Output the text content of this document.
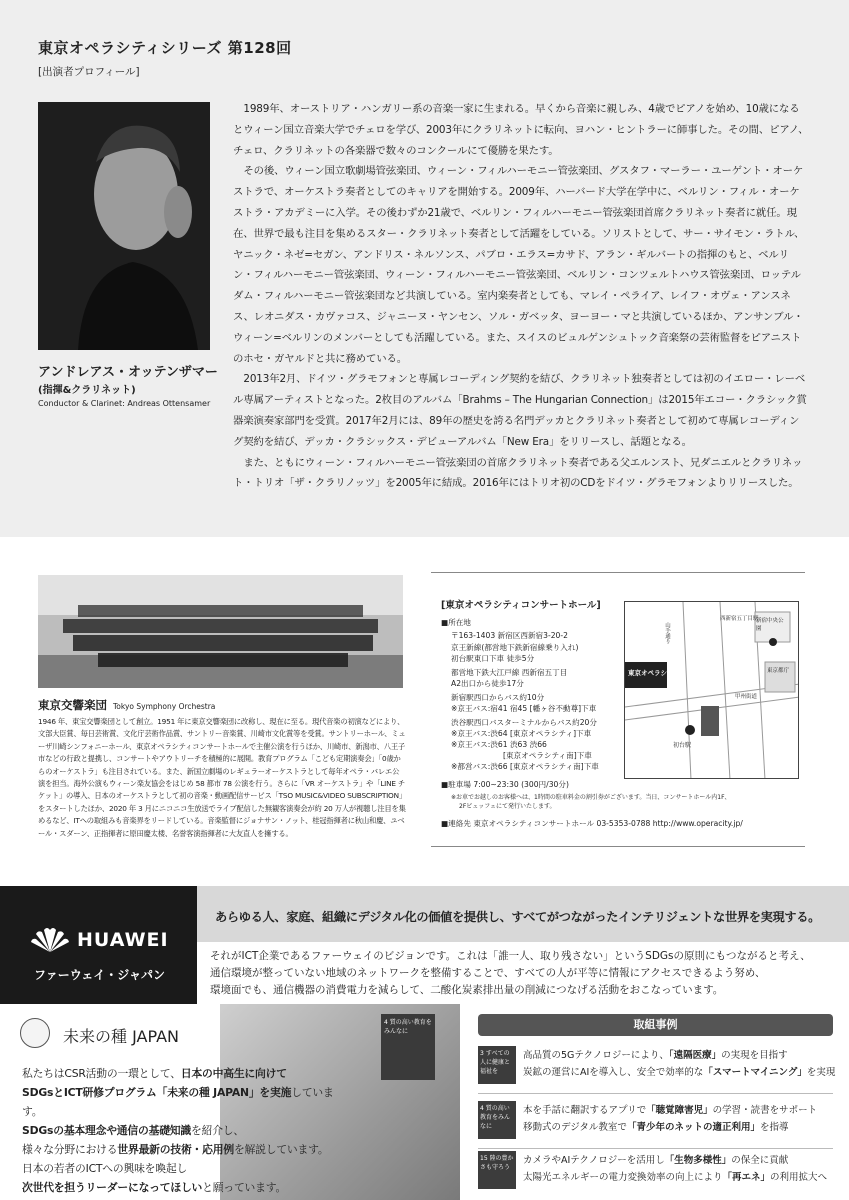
東京オペラシティシリーズ 第128回
[出演者プロフィール]
アンドレアス・オッテンザマー
(指揮&クラリネット)
Conductor & Clarinet: Andreas Ottensamer

1989年、オーストリア・ハンガリー系の音楽一家に生まれる。早くから音楽に親しみ、4歳でピアノを始め、10歳になるとウィーン国立音楽大学でチェロを学び、2003年にクラリネットに転向、ヨハン・ヒントラーに師事した。その間、ピアノ、チェロ、クラリネットの各楽器で数々のコンクールにて優勝を果たす。

その後、ウィーン国立歌劇場管弦楽団、ウィーン・フィルハーモニー管弦楽団、グスタフ・マーラー・ユーゲント・オーケストラで、オーケストラ奏者としてのキャリアを開始する。2009年、ハーバード大学在学中に、ベルリン・フィル・オーケストラ・アカデミーに入学。その後わずか21歳で、ベルリン・フィルハーモニー管弦楽団首席クラリネット奏者に就任。現在、世界で最も注目を集めるスター・クラリネット奏者として活躍をしている。ソリストとして、サー・サイモン・ラトル、ヤニック・ネゼ=セガン、アンドリス・ネルソンス、パブロ・エラス=カサド、アラン・ギルバートの指揮のもと、ベルリン・フィルハーモニー管弦楽団、ウィーン・フィルハーモニー管弦楽団、ベルリン・コンツェルトハウス管弦楽団、ロッテルダム・フィルハーモニー管弦楽団など共演している。室内楽奏者としても、マレイ・ペライア、レイフ・オヴェ・アンスネス、レオニダス・カヴァコス、ジャニーヌ・ヤンセン、ソル・ガベッタ、ヨーヨー・マと共演しているほか、アンサンブル・ウィーン=ベルリンのメンバーとしても活躍している。また、スイスのビュルゲンシュトック音楽祭の芸術監督をピアニストのホセ・ガヤルドと共に務めている。

2013年2月、ドイツ・グラモフォンと専属レコーディング契約を結び、クラリネット独奏者としては初のイエロー・レーベル専属アーティストとなった。2枚目のアルバム「Brahms – The Hungarian Connection」は2015年エコー・クラシック賞器楽演奏家部門を受賞。2017年2月には、89年の歴史を誇る名門デッカとクラリネット奏者として初めて専属レコーディング契約を結び、デッカ・クラシックス・デビューアルバム「New Era」をリリースし、話題となる。

また、ともにウィーン・フィルハーモニー管弦楽団の首席クラリネット奏者である父エルンスト、兄ダニエルとクラリネット・トリオ「ザ・クラリノッツ」を2005年に結成。2016年にはトリオ初のCDをドイツ・グラモフォンよりリリースした。

東京交響楽団 Tokyo Symphony Orchestra
1946 年、東宝交響楽団として創立。1951 年に東京交響楽団に改称し、現在に至る。現代音楽の初演などにより、文部大臣賞、毎日芸術賞、文化庁芸術作品賞、サントリー音楽賞、川崎市文化賞等を受賞。サントリーホール、ミューザ川崎シンフォニーホール、東京オペラシティコンサートホールで主催公演を行うほか、川崎市、新潟市、八王子市などの行政と提携し、コンサートやアウトリーチを積極的に展開。教育プログラム「こども定期演奏会」「0歳からのオーケストラ」も注目されている。また、新国立劇場のレギュラーオーケストラとして毎年オペラ・バレエ公演を担当。海外公演もウィーン楽友協会をはじめ 58 都市 78 公演を行う。さらに「VR オーケストラ」や「LINE チケット」の導入、日本のオーケストラとして初の音楽・動画配信サービス「TSO MUSIC&VIDEO SUBSCRIPTION」をスタートしたほか、2020 年 3 月にニコニコ生放送でライブ配信した無観客演奏会が約 20 万人が視聴し注目を集めるなど、ITへの取組みも音楽界をリードしている。音楽監督にジョナサン・ノット、桂冠指揮者に秋山和慶、ユベール・スダーン、正指揮者に原田慶太楼、名誉客演指揮者に大友直人を擁する。
[東京オペラシティコンサートホール]
■所在地
〒163-1403 新宿区西新宿3-20-2
京王新線(都営地下鉄新宿線乗り入れ)
初台駅東口下車 徒歩5分
都営地下鉄大江戸線 西新宿五丁目
A2出口から徒歩17分
新宿駅西口からバス約10分
※京王バス:宿41 宿45 [幡ヶ谷不動尊]下車
渋谷駅西口バスターミナルからバス約20分
※京王バス:渋64 [東京オペラシティ]下車
※京王バス:渋61 渋63 渋66
[東京オペラシティ南]下車
※都営バス:渋66 [東京オペラシティ南]下車
■駐車場 7:00~23:30 (300円/30分)
※お車でお越しのお客様へは、1時間の駐車料金の割引券がございます。当日、コンサートホール内1F、
2Fビュッフェにて発行いたします。
■連絡先 東京オペラシティコンサートホール 03-5353-0788 http://www.operacity.jp/
東京オペラシティ
初台駅
新宿中央公園
東京都庁
甲州街道
山手通り
西新宿五丁目駅
HUAWEI
ファーウェイ・ジャパン
あらゆる人、家庭、組織にデジタル化の価値を提供し、すべてがつながったインテリジェントな世界を実現する。
それがICT企業であるファーウェイのビジョンです。これは「誰一人、取り残さない」というSDGsの原則にもつながると考え、
通信環境が整っていない地域のネットワークを整備することで、すべての人が平等に情報にアクセスできるよう努め、
環境面でも、通信機器の消費電力を減らして、二酸化炭素排出量の削減につなげる活動をおこなっています。
未来の種 JAPAN
私たちはCSR活動の一環として、日本の中高生に向けて
SDGsとICT研修プログラム「未来の種 JAPAN」を実施しています。
SDGsの基本理念や通信の基礎知識を紹介し、
様々な分野における世界最新の技術・応用例を解説しています。
日本の若者のICTへの興味を喚起し
次世代を担うリーダーになってほしいと願っています。
4 質の高い教育をみんなに
取組事例
3 すべての人に健康と福祉を
高品質の5Gテクノロジーにより、「遠隔医療」の実現を目指す
炭鉱の運営にAIを導入し、安全で効率的な「スマートマイニング」を実現
4 質の高い教育をみんなに
本を手話に翻訳するアプリで「聴覚障害児」の学習・読書をサポート
移動式のデジタル教室で「青少年のネットの適正利用」を指導
15 陸の豊かさも守ろう
カメラやAIテクノロジーを活用し「生物多様性」の保全に貢献
太陽光エネルギーの電力変換効率の向上により「再エネ」の利用拡大へ
